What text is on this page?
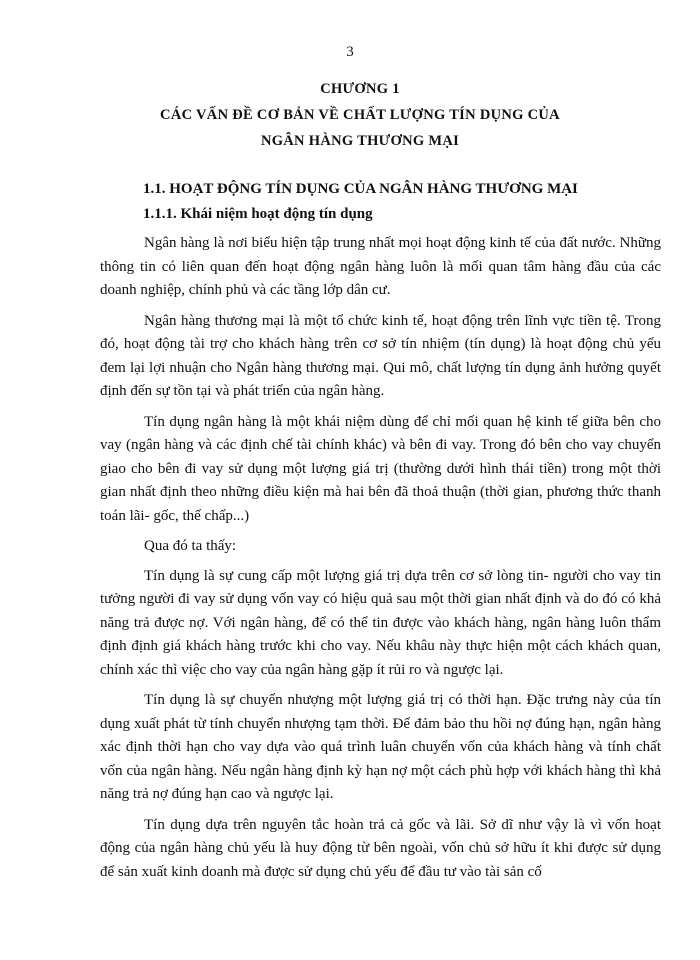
3
CHƯƠNG 1
CÁC VẤN ĐỀ CƠ BẢN VỀ CHẤT LƯỢNG TÍN DỤNG CỦA
NGÂN HÀNG THƯƠNG MẠI
1.1. HOẠT ĐỘNG TÍN DỤNG CỦA NGÂN HÀNG THƯƠNG MẠI
1.1.1. Khái niệm hoạt động tín dụng

Ngân hàng là nơi biểu hiện tập trung nhất mọi hoạt động kinh tế của đất nước. Những thông tin có liên quan đến hoạt động ngân hàng luôn là mối quan tâm hàng đầu của các doanh nghiệp, chính phủ và các tầng lớp dân cư.

Ngân hàng thương mại là một tổ chức kinh tế, hoạt động trên lĩnh vực tiền tệ. Trong đó, hoạt động tài trợ cho khách hàng trên cơ sở tín nhiệm (tín dụng) là hoạt động chủ yếu đem lại lợi nhuận cho Ngân hàng thương mại. Qui mô, chất lượng tín dụng ảnh hưởng quyết định đến sự tồn tại và phát triển của ngân hàng.

Tín dụng ngân hàng là một khái niệm dùng để chỉ mối quan hệ kinh tế giữa bên cho vay (ngân hàng và các định chế tài chính khác) và bên đi vay. Trong đó bên cho vay chuyển giao cho bên đi vay sử dụng một lượng giá trị (thường dưới hình thái tiền) trong một thời gian nhất định theo những điều kiện mà hai bên đã thoả thuận (thời gian, phương thức thanh toán lãi- gốc, thế chấp...)

Qua đó ta thấy:

Tín dụng là sự cung cấp một lượng giá trị dựa trên cơ sở lòng tin- người cho vay tin tưởng người đi vay sử dụng vốn vay có hiệu quả sau một thời gian nhất định và do đó có khả năng trả được nợ. Với ngân hàng, để có thể tin được vào khách hàng, ngân hàng luôn thẩm định định giá khách hàng trước khi cho vay. Nếu khâu này thực hiện một cách khách quan, chính xác thì việc cho vay của ngân hàng gặp ít rủi ro và ngược lại.

Tín dụng là sự chuyển nhượng một lượng giá trị có thời hạn. Đặc trưng này của tín dụng xuất phát từ tính chuyển nhượng tạm thời. Để đảm bảo thu hồi nợ đúng hạn, ngân hàng xác định thời hạn cho vay dựa vào quá trình luân chuyển vốn của khách hàng và tính chất vốn của ngân hàng. Nếu ngân hàng định kỳ hạn nợ một cách phù hợp với khách hàng thì khả năng trả nợ đúng hạn cao và ngược lại.

Tín dụng dựa trên nguyên tắc hoàn trả cả gốc và lãi. Sở dĩ như vậy là vì vốn hoạt động của ngân hàng chủ yếu là huy động từ bên ngoài, vốn chủ sở hữu ít khi được sử dụng để sản xuất kinh doanh mà được sử dụng chủ yếu để đầu tư vào tài sản cố
